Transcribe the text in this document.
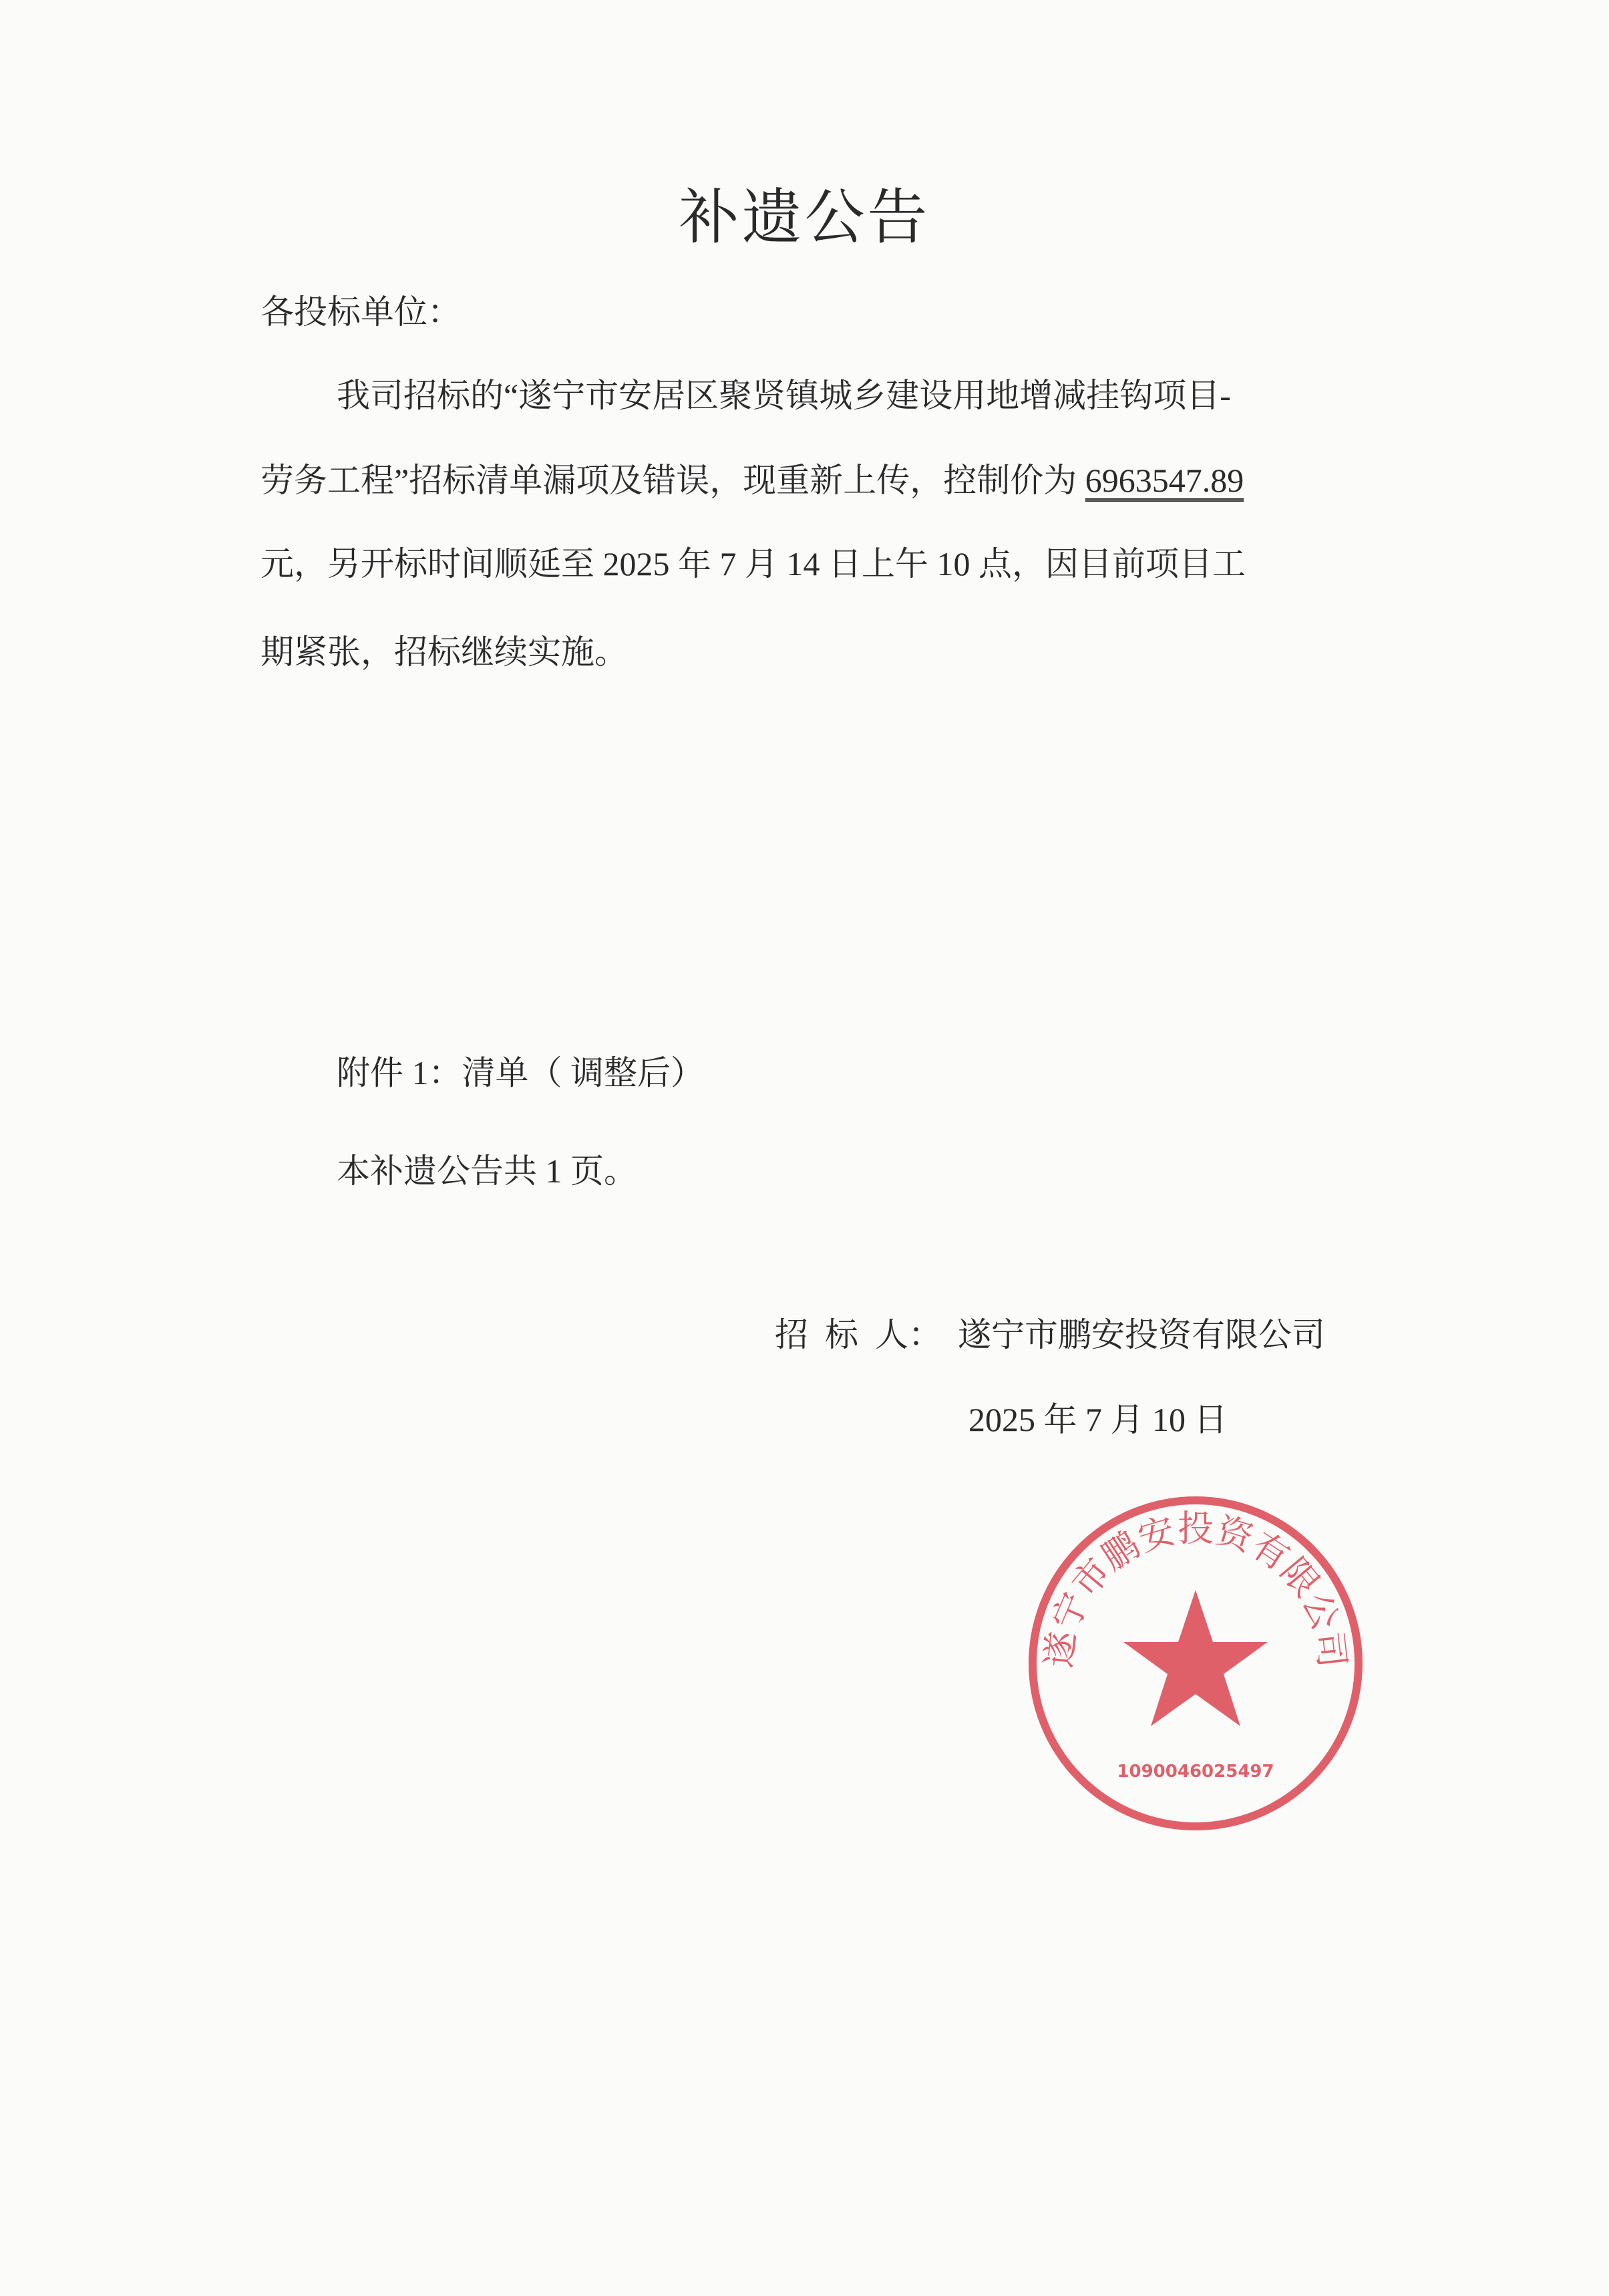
补遗公告
各投标单位：
我司招标的“遂宁市安居区聚贤镇城乡建设用地增减挂钩项目-
劳务工程”招标清单漏项及错误，现重新上传，控制价为 6963547.89
元，另开标时间顺延至 2025 年 7 月 14 日上午 10 点，因目前项目工
期紧张，招标继续实施。
附件 1：清单（ 调整后）
本补遗公告共 1 页。
招  标  人： 遂宁市鹏安投资有限公司
2025 年 7 月 10 日
遂宁市鹏安投资有限公司
1090046025497
